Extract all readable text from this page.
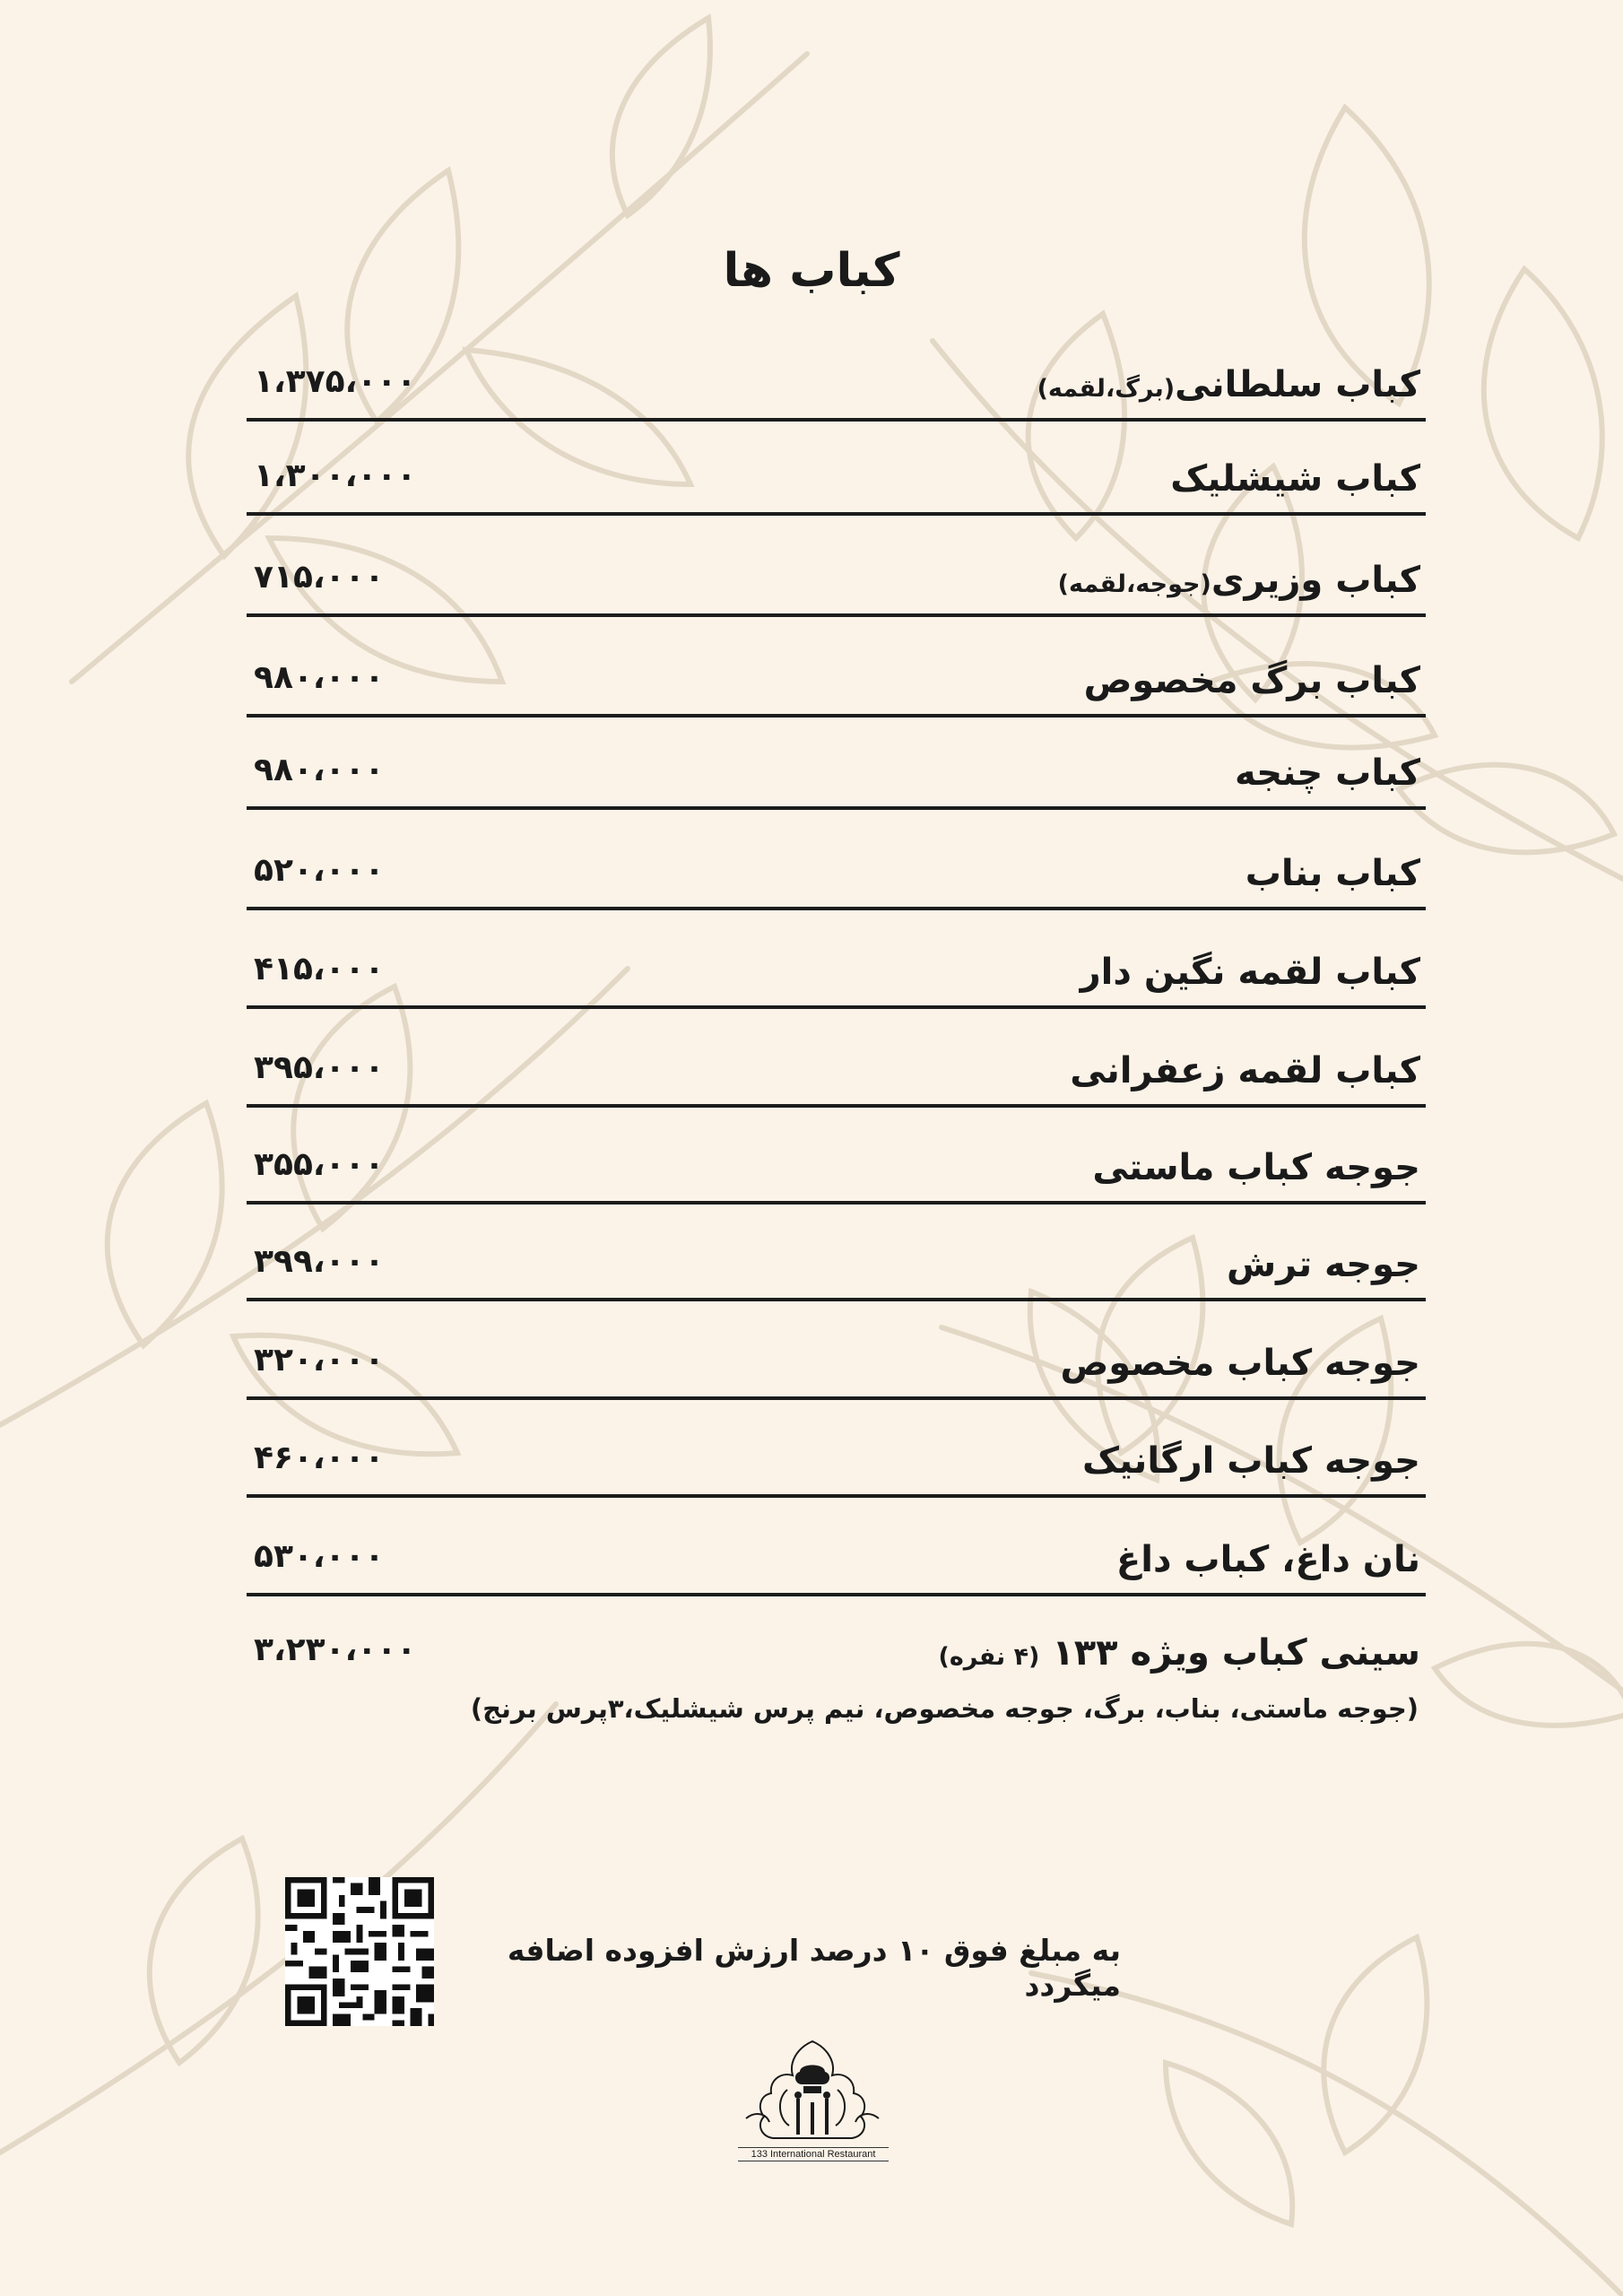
کباب ها
کباب سلطانی(برگ،لقمه)
۱،۳۷۵،۰۰۰
کباب شیشلیک
۱،۳۰۰،۰۰۰
کباب وزیری(جوجه،لقمه)
۷۱۵،۰۰۰
کباب برگ مخصوص
۹۸۰،۰۰۰
کباب چنجه
۹۸۰،۰۰۰
کباب بناب
۵۲۰،۰۰۰
کباب لقمه نگین دار
۴۱۵،۰۰۰
کباب لقمه زعفرانی
۳۹۵،۰۰۰
جوجه کباب ماستی
۳۵۵،۰۰۰
جوجه ترش
۳۹۹،۰۰۰
جوجه کباب مخصوص
۳۲۰،۰۰۰
جوجه کباب ارگانیک
۴۶۰،۰۰۰
نان داغ، کباب داغ
۵۳۰،۰۰۰
سینی کباب ویژه ۱۳۳ (۴ نفره)
۳،۲۳۰،۰۰۰
(جوجه ماستی، بناب، برگ، جوجه مخصوص، نیم پرس شیشلیک،۳پرس برنج)
به مبلغ فوق ۱۰ درصد ارزش افزوده اضافه میگردد
133 International Restaurant
